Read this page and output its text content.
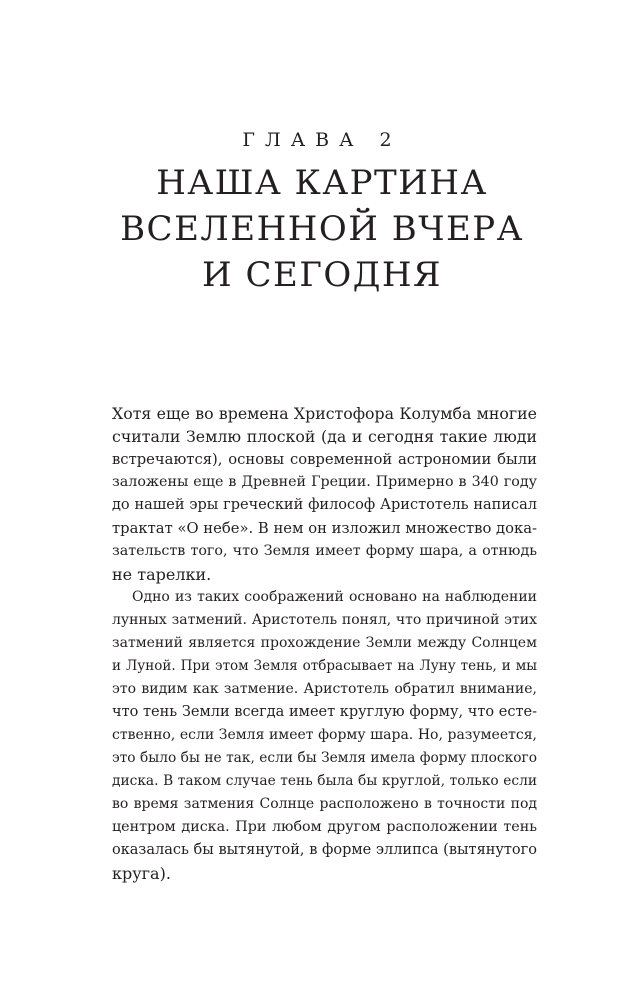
ГЛАВА 2
НАША КАРТИНА
ВСЕЛЕННОЙ ВЧЕРА
И СЕГОДНЯ
Хотя еще во времена Христофора Колумба многие
считали Землю плоской (да и сегодня такие люди
встречаются), основы современной астрономии были
заложены еще в Древней Греции. Примерно в 340 году
до нашей эры греческий философ Аристотель написал
трактат «О небе». В нем он изложил множество дока-
зательств того, что Земля имеет форму шара, а отнюдь
не тарелки.
Одно из таких соображений основано на наблюдении
лунных затмений. Аристотель понял, что причиной этих
затмений является прохождение Земли между Солнцем
и Луной. При этом Земля отбрасывает на Луну тень, и мы
это видим как затмение. Аристотель обратил внимание,
что тень Земли всегда имеет круглую форму, что есте-
ственно, если Земля имеет форму шара. Но, разумеется,
это было бы не так, если бы Земля имела форму плоского
диска. В таком случае тень была бы круглой, только если
во время затмения Солнце расположено в точности под
центром диска. При любом другом расположении тень
оказалась бы вытянутой, в форме эллипса (вытянутого
круга).
